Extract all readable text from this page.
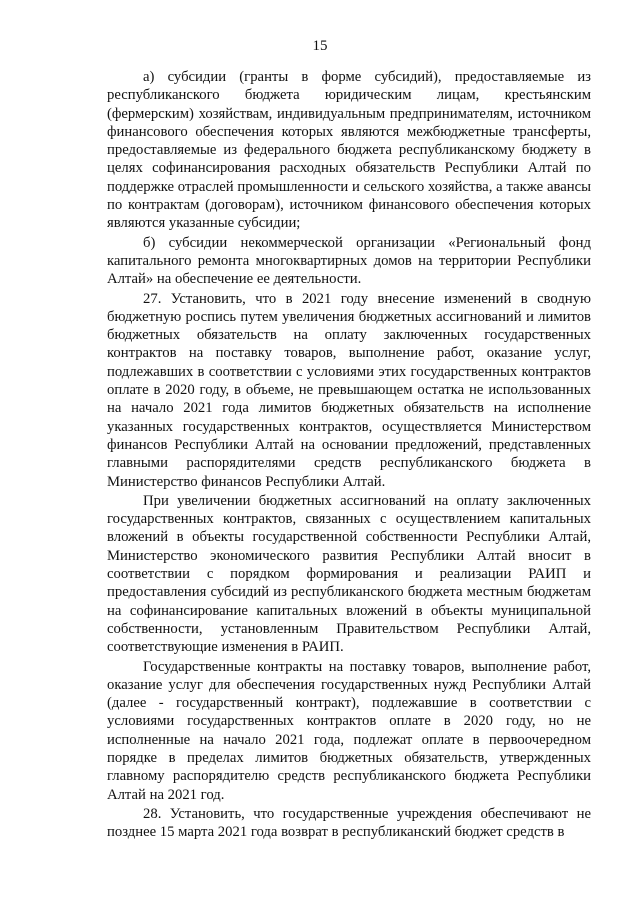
15

а) субсидии (гранты в форме субсидий), предоставляемые из республиканского бюджета юридическим лицам, крестьянским (фермерским) хозяйствам, индивидуальным предпринимателям, источником финансового обеспечения которых являются межбюджетные трансферты, предоставляемые из федерального бюджета республиканскому бюджету в целях софинансирования расходных обязательств Республики Алтай по поддержке отраслей промышленности и сельского хозяйства, а также авансы по контрактам (договорам), источником финансового обеспечения которых являются указанные субсидии;

б) субсидии некоммерческой организации «Региональный фонд капитального ремонта многоквартирных домов на территории Республики Алтай» на обеспечение ее деятельности.

27. Установить, что в 2021 году внесение изменений в сводную бюджетную роспись путем увеличения бюджетных ассигнований и лимитов бюджетных обязательств на оплату заключенных государственных контрактов на поставку товаров, выполнение работ, оказание услуг, подлежавших в соответствии с условиями этих государственных контрактов оплате в 2020 году, в объеме, не превышающем остатка не использованных на начало 2021 года лимитов бюджетных обязательств на исполнение указанных государственных контрактов, осуществляется Министерством финансов Республики Алтай на основании предложений, представленных главными распорядителями средств республиканского бюджета в Министерство финансов Республики Алтай.

При увеличении бюджетных ассигнований на оплату заключенных государственных контрактов, связанных с осуществлением капитальных вложений в объекты государственной собственности Республики Алтай, Министерство экономического развития Республики Алтай вносит в соответствии с порядком формирования и реализации РАИП и предоставления субсидий из республиканского бюджета местным бюджетам на софинансирование капитальных вложений в объекты муниципальной собственности, установленным Правительством Республики Алтай, соответствующие изменения в РАИП.

Государственные контракты на поставку товаров, выполнение работ, оказание услуг для обеспечения государственных нужд Республики Алтай (далее - государственный контракт), подлежавшие в соответствии с условиями государственных контрактов оплате в 2020 году, но не исполненные на начало 2021 года, подлежат оплате в первоочередном порядке в пределах лимитов бюджетных обязательств, утвержденных главному распорядителю средств республиканского бюджета Республики Алтай на 2021 год.

28. Установить, что государственные учреждения обеспечивают не позднее 15 марта 2021 года возврат в республиканский бюджет средств в
